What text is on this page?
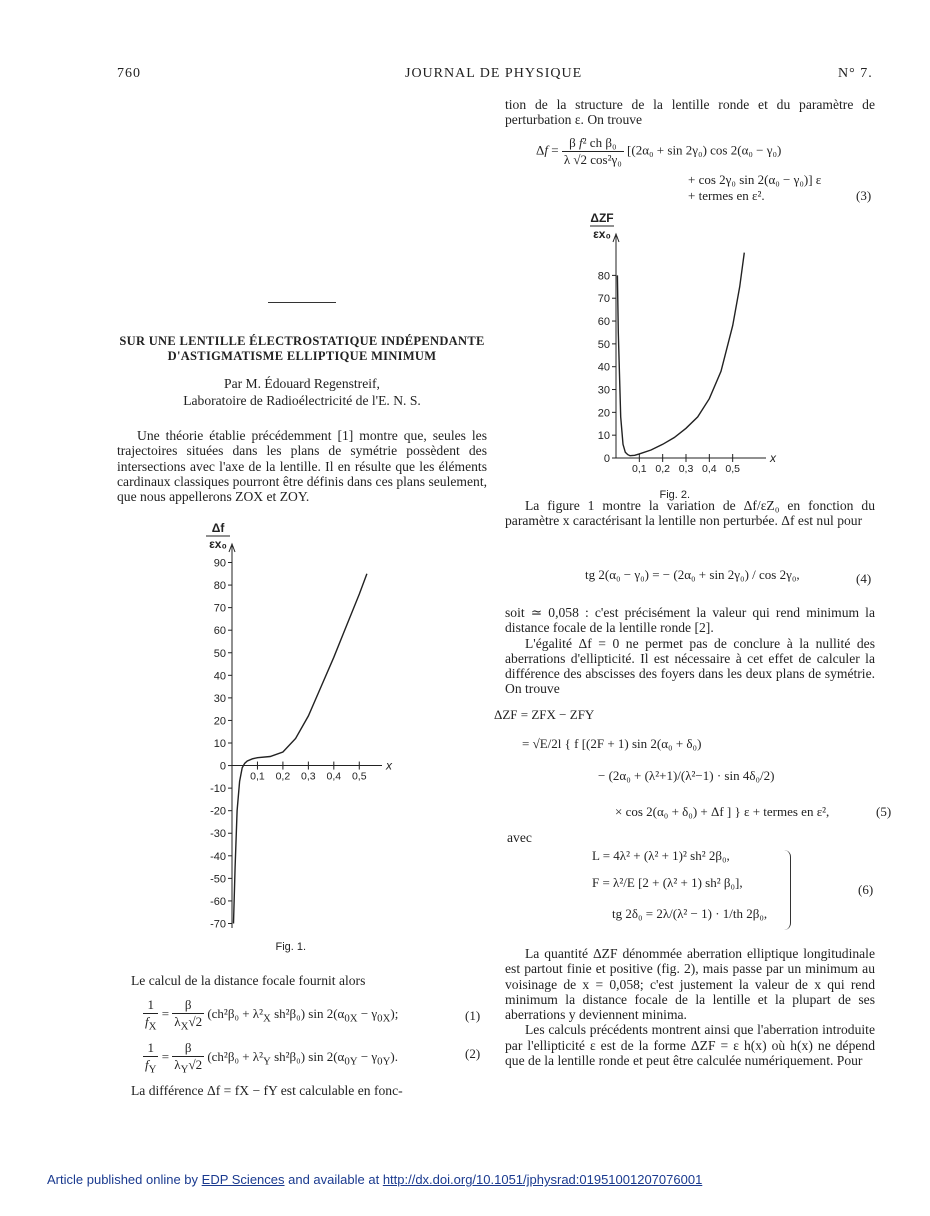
760	JOURNAL DE PHYSIQUE	N° 7.
SUR UNE LENTILLE ÉLECTROSTATIQUE INDÉPENDANTE
D'ASTIGMATISME ELLIPTIQUE MINIMUM
Par M. Édouard Regenstreif,
Laboratoire de Radioélectricité de l'E. N. S.

Une théorie établie précédemment [1] montre que, seules les trajectoires situées dans les plans de symétrie possèdent des intersections avec l'axe de la lentille. Il en résulte que les éléments cardinaux classiques pourront être définis dans ces plans seulement, que nous appellerons ZOX et ZOY.

90
80
70
60
50
40
30
20
10
0
-10
-20
-30
-40
-50
-60
-70
0,1 0,2 0,3 0,4 0,5
x
Δf
εx₀
Fig. 1.
Le calcul de la distance focale fournit alors
$\frac{1}{f_X} = \frac{\beta}{\lambda_X√2} (ch^2\beta_0 + \lambda^2_X$ sh²β₀) $\sin 2(\alpha_{0X} - \gamma_{0X})$;	(1)
$\frac{1}{f_Y} = \frac{\beta}{\lambda_Y√2} (ch^2\beta_0 + \lambda^2_Y$ sh²β₀) $\sin 2(\alpha_{0Y} - \gamma_{0Y})$.	(2)
La différence Δf = fX − fY est calculable en fonc-
tion de la structure de la lentille ronde et du paramètre de perturbation ε. On trouve
$\Delta f = \frac{\text{β f² ch β₀}}{\text{λ √2 cos²γ₀}} [(2\alpha_0 + \sin 2\gamma_0)$ cos 2(α₀ − γ₀)
+ cos 2γ₀ sin 2(α₀ − γ₀)] ε
+ termes en ε².	(3)
80
70
60
50
40
30
20
10
0
0,1 0,2 0,3 0,4 0,5
x
ΔZF
εx₀
Fig. 2.

La figure 1 montre la variation de Δf/εZ₀ en fonction du paramètre x caractérisant la lentille non perturbée. Δf est nul pour

tg 2(α₀ − γ₀) = − (2α₀ + sin 2γ₀) / cos 2γ₀,	(4)

soit ≃ 0,058 : c'est précisément la valeur qui rend minimum la distance focale de la lentille ronde [2].

L'égalité Δf = 0 ne permet pas de conclure à la nullité des aberrations d'ellipticité. Il est nécessaire à cet effet de calculer la différence des abscisses des foyers dans les deux plans de symétrie. On trouve

ΔZF = ZFX − ZFY
= √E/2l { f [(2F + 1) sin 2(α₀ + δ₀)
− (2α₀ + (λ²+1)/(λ²−1) · sin 4δ₀/2)
× cos 2(α₀ + δ₀) + Δf ] } ε + termes en ε²,	(5)
avec
L = 4λ² + (λ² + 1)² sh² 2β₀,
F = λ²/E [2 + (λ² + 1) sh² β₀],
tg 2δ₀ = 2λ/(λ² − 1) · 1/th 2β₀,
(6)

La quantité ΔZF dénommée aberration elliptique longitudinale est partout finie et positive (fig. 2), mais passe par un minimum au voisinage de x = 0,058; c'est justement la valeur de x qui rend minimum la distance focale de la lentille et la plupart de ses aberrations y deviennent minima.

Les calculs précédents montrent ainsi que l'aberration introduite par l'ellipticité ε est de la forme ΔZF = ε h(x) où h(x) ne dépend que de la lentille ronde et peut être calculée numériquement. Pour

Article published online by EDP Sciences and available at http://dx.doi.org/10.1051/jphysrad:01951001207076001
